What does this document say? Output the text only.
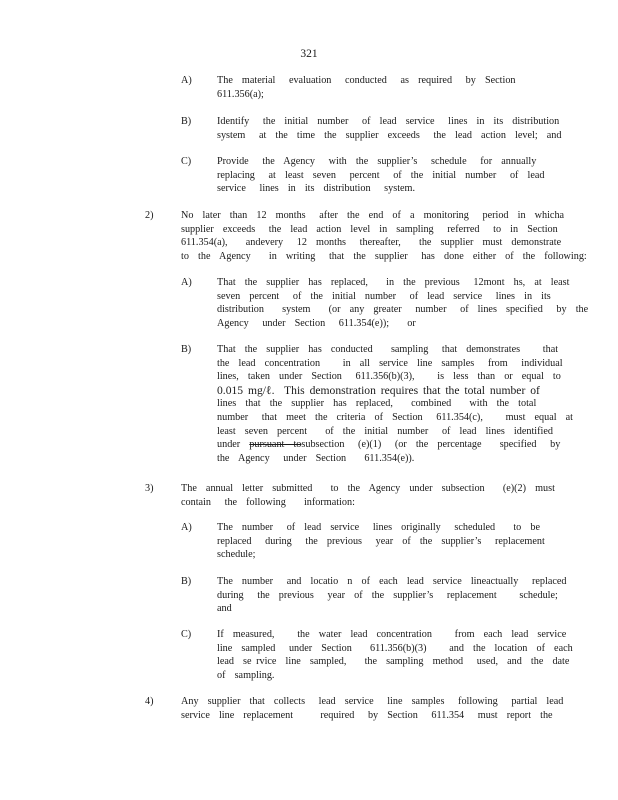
321
A) The  material   evaluation   conducted   as  required   by  Section
611.356(a);
B)	Identify   the  initial  number   of  lead  service   lines  in  its  distribution
system   at  the  time  the  supplier  exceeds   the  lead  action  level;  and
C)	Provide   the  Agency   with  the  supplier’s   schedule   for  annually
replacing   at  least  seven   percent   of  the  initial  number   of  lead
service   lines  in  its  distribution   system.
2)	No  later  than  12  months   after  the  end  of  a  monitoring   period  in  whicha
supplier  exceeds   the  lead  action  level  in  sampling   referred   to  in  Section
611.354(a),    andevery   12  months   thereafter,    the  supplier  must  demonstrate
to  the  Agency    in  writing   that  the  supplier   has  done  either  of  the  following:
A) That  the  supplier  has  replaced,    in  the  previous   12mont  hs,  at  least
seven  percent   of  the  initial  number   of  lead  service   lines  in  its
distribution    system    (or  any  greater   number   of  lines  specified   by  the
Agency   under  Section   611.354(e));    or
B)	That  the  supplier  has  conducted    sampling   that  demonstrates     that
the  lead  concentration     in  all  service  line  samples   from   individual
lines,  taken  under  Section   611.356(b)(3),     is  less  than  or  equal  to
0.015 mg/ℓ.  This demonstration requires that the total number of
lines  that  the  supplier  has  replaced,    combined    with  the  total
number   that  meet  the  criteria  of  Section   611.354(c),     must  equal  at
least  seven  percent    of  the  initial  number   of  lead  lines  identified
under  pursuant  tosubsection   (e)(1)   (or  the  percentage    specified   by
the  Agency   under  Section    611.354(e)).
3)	The  annual  letter  submitted    to  the  Agency  under  subsection    (e)(2)  must
contain   the  following    information:
A) The  number   of  lead  service   lines  originally   scheduled    to  be
replaced   during   the  previous   year  of  the  supplier’s   replacement
schedule;
B)	The  number   and  locatio  n  of  each  lead  service  lineactually   replaced
during   the  previous   year  of  the  supplier’s   replacement     schedule;
and
C)	If  measured,     the  water  lead  concentration     from  each  lead  service
line  sampled   under  Section    611.356(b)(3)     and  the  location  of  each
lead  se rvice  line  sampled,    the  sampling  method   used,  and  the  date
of  sampling.
4)	Any  supplier  that  collects   lead  service   line  samples   following   partial  lead
service  line  replacement      required   by  Section   611.354   must  report  the
